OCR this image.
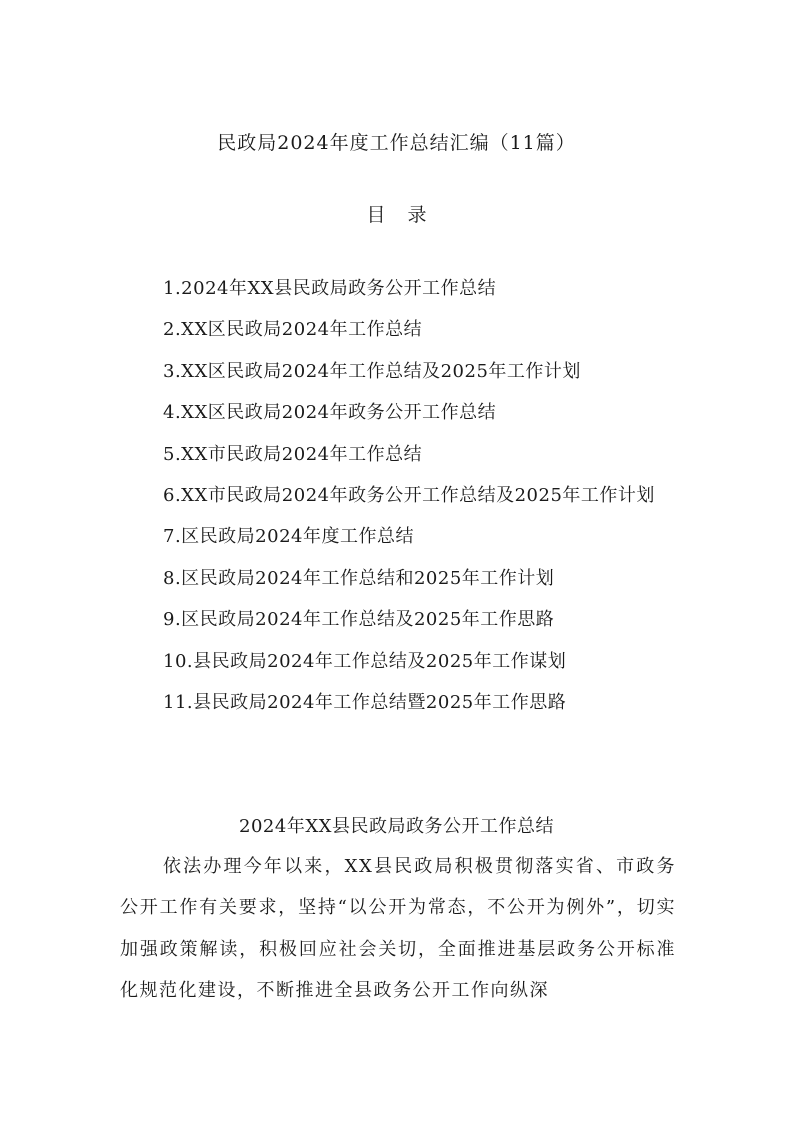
民政局2024年度工作总结汇编（11篇）
目 录
1.2024年XX县民政局政务公开工作总结
2.XX区民政局2024年工作总结
3.XX区民政局2024年工作总结及2025年工作计划
4.XX区民政局2024年政务公开工作总结
5.XX市民政局2024年工作总结
6.XX市民政局2024年政务公开工作总结及2025年工作计划
7.区民政局2024年度工作总结
8.区民政局2024年工作总结和2025年工作计划
9.区民政局2024年工作总结及2025年工作思路
10.县民政局2024年工作总结及2025年工作谋划
11.县民政局2024年工作总结暨2025年工作思路
2024年XX县民政局政务公开工作总结

依法办理今年以来，XX县民政局积极贯彻落实省、市政务公开工作有关要求，坚持“以公开为常态，不公开为例外”，切实加强政策解读，积极回应社会关切，全面推进基层政务公开标准化规范化建设，不断推进全县政务公开工作向纵深
